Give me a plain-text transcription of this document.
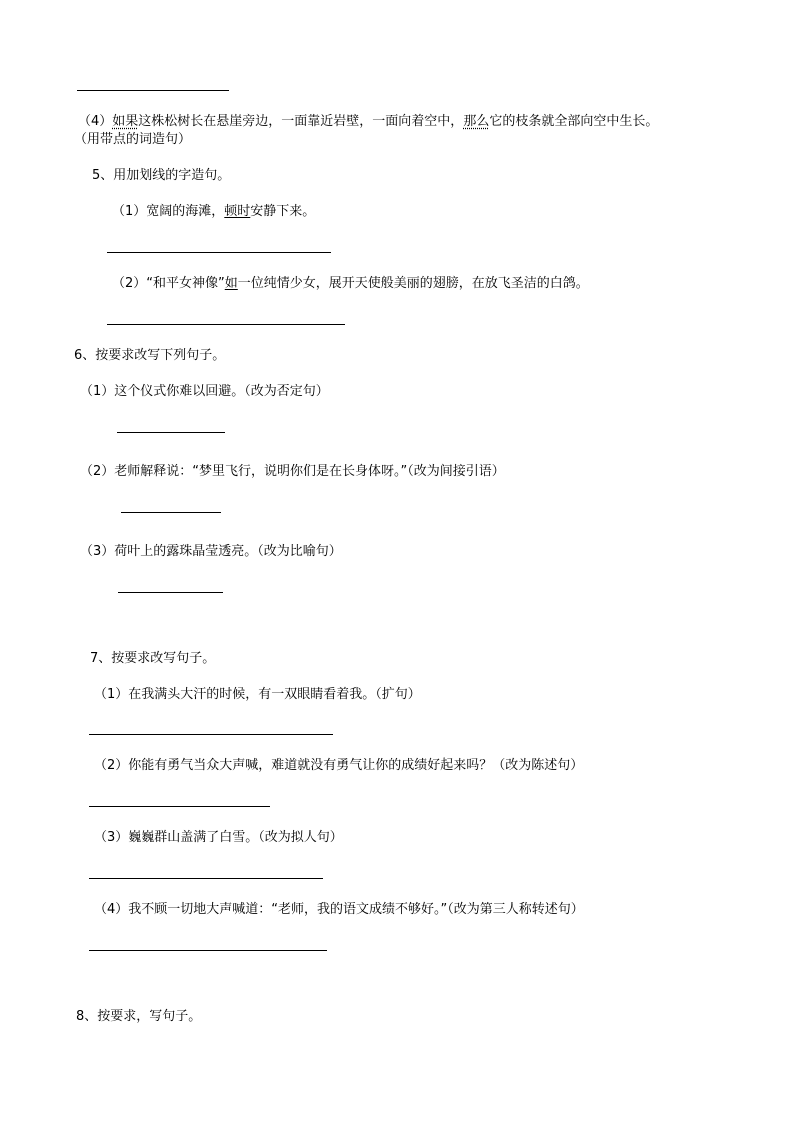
（4）如果这株松树长在悬崖旁边，一面靠近岩壁，一面向着空中，那么它的枝条就全部向空中生长。
（用带点的词造句）
5、用加划线的字造句。
（1）宽阔的海滩，顿时安静下来。
（2）“和平女神像”如一位纯情少女，展开天使般美丽的翅膀，在放飞圣洁的白鸽。
6、按要求改写下列句子。
（1）这个仪式你难以回避。（改为否定句）
（2）老师解释说：“梦里飞行，说明你们是在长身体呀。”（改为间接引语）
（3）荷叶上的露珠晶莹透亮。（改为比喻句）
7、按要求改写句子。
（1）在我满头大汗的时候，有一双眼睛看着我。（扩句）
（2）你能有勇气当众大声喊，难道就没有勇气让你的成绩好起来吗？（改为陈述句）
（3）巍巍群山盖满了白雪。（改为拟人句）
（4）我不顾一切地大声喊道：“老师，我的语文成绩不够好。”（改为第三人称转述句）
8、按要求，写句子。
